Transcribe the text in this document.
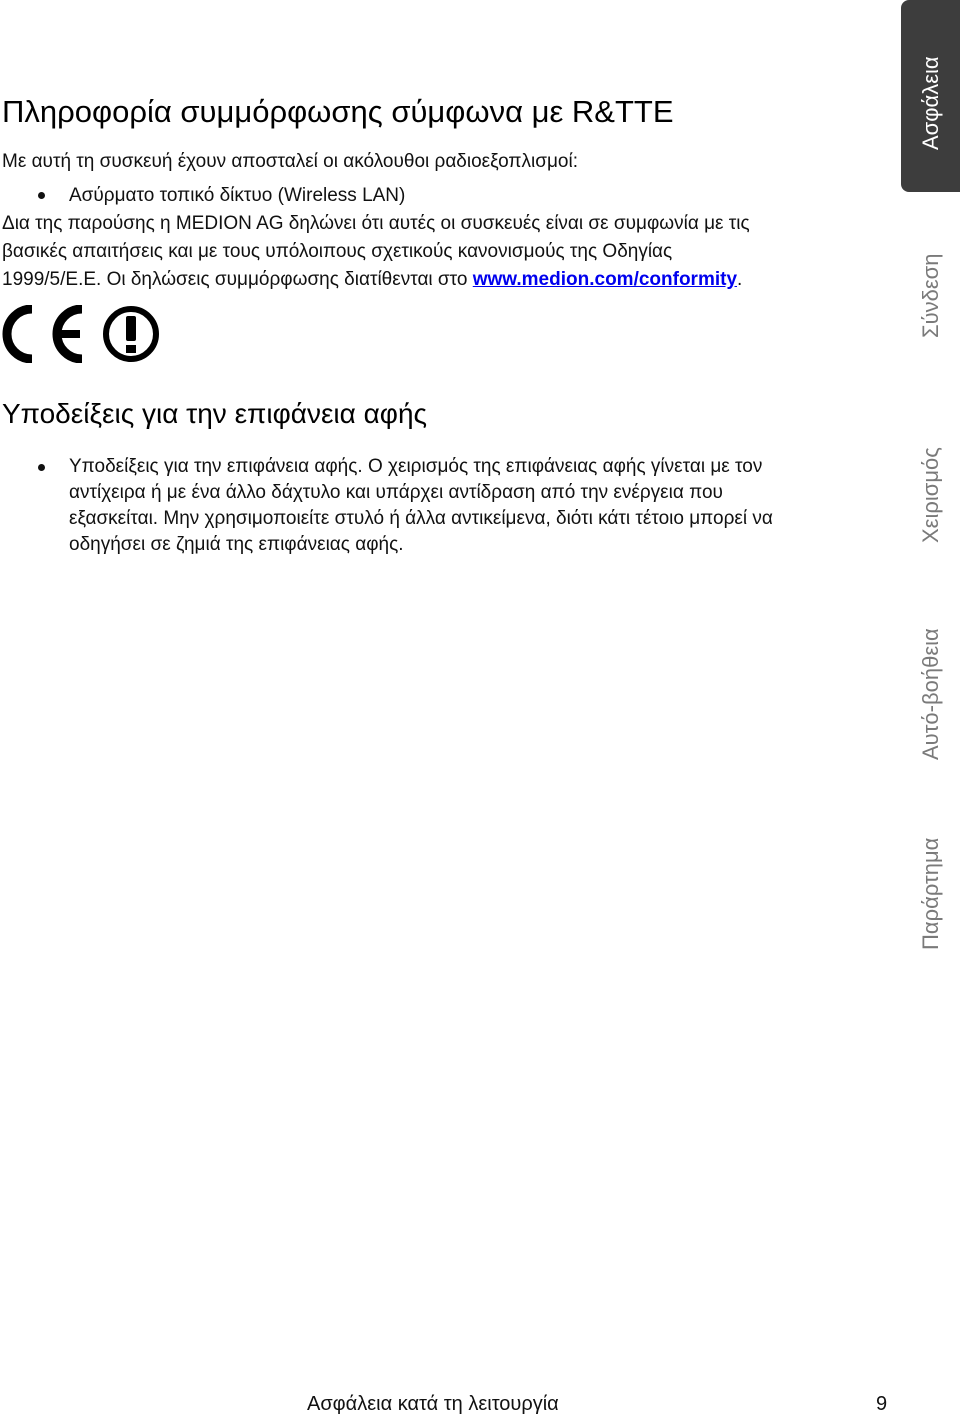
Πληροφορία συμμόρφωσης σύμφωνα με R&TTE
Με αυτή τη συσκευή έχουν αποσταλεί οι ακόλουθοι ραδιοεξοπλισμοί:
Ασύρματο τοπικό δίκτυο (Wireless LAN)
Δια της παρούσης η MEDION AG δηλώνει ότι αυτές οι συσκευές είναι σε συμφωνία με τις
βασικές απαιτήσεις και με τους υπόλοιπους σχετικούς κανονισμούς της Οδηγίας
1999/5/Ε.Ε. Οι δηλώσεις συμμόρφωσης διατίθενται στο www.medion.com/conformity.
Υποδείξεις για την επιφάνεια αφής
Υποδείξεις για την επιφάνεια αφής. Ο χειρισμός της επιφάνειας αφής γίνεται με τον
αντίχειρα ή με ένα άλλο δάχτυλο και υπάρχει αντίδραση από την ενέργεια που
εξασκείται. Μην χρησιμοποιείτε στυλό ή άλλα αντικείμενα, διότι κάτι τέτοιο μπορεί να
οδηγήσει σε ζημιά της επιφάνειας αφής.
Ασφάλεια
Σύνδεση
Χειρισμός
Αυτό-βοήθεια
Παράρτημα
Ασφάλεια κατά τη λειτουργία	9
